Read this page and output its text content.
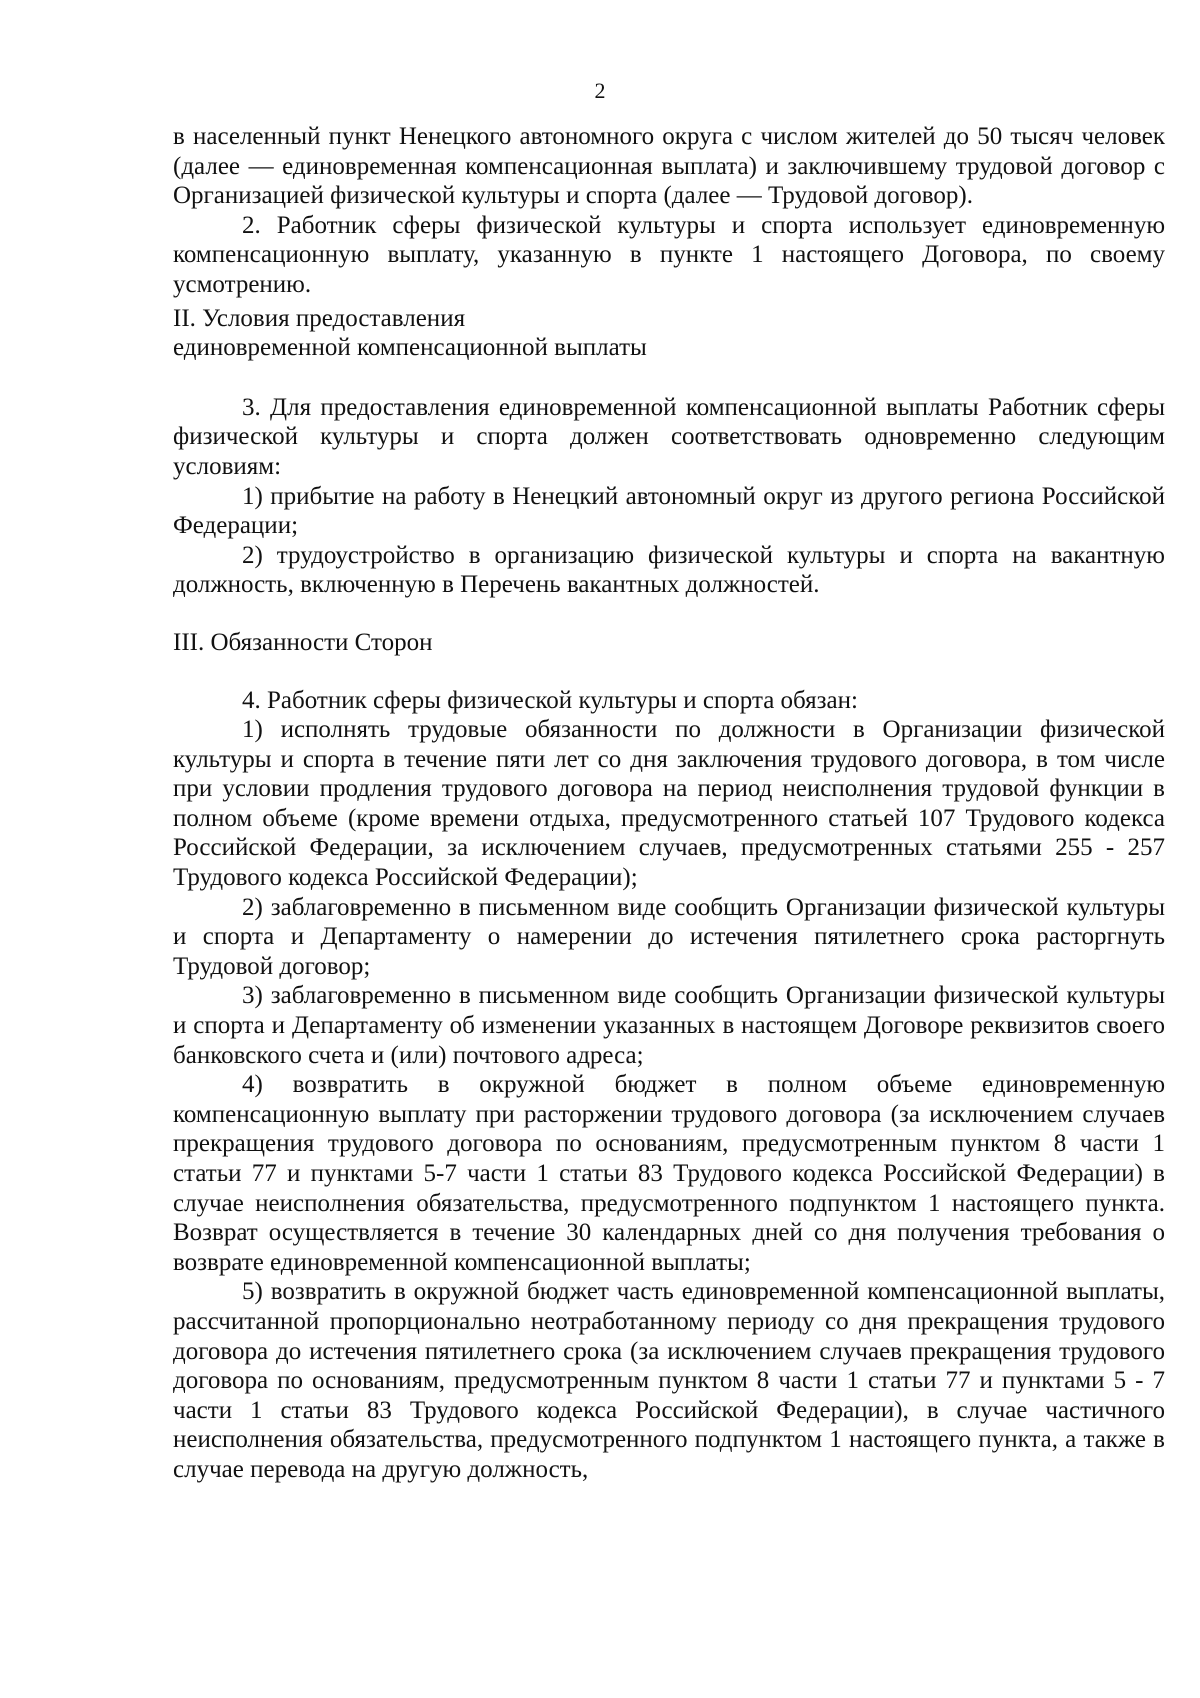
2

в населенный пункт Ненецкого автономного округа с числом жителей до 50 тысяч человек (далее — единовременная компенсационная выплата) и заключившему трудовой договор с Организацией физической культуры и спорта (далее — Трудовой договор).

2. Работник сферы физической культуры и спорта использует единовременную компенсационную выплату, указанную в пункте 1 настоящего Договора, по своему усмотрению.

II. Условия предоставления

единовременной компенсационной выплаты

3. Для предоставления единовременной компенсационной выплаты Работник сферы физической культуры и спорта должен соответствовать одновременно следующим условиям:

1) прибытие на работу в Ненецкий автономный округ из другого региона Российской Федерации;

2) трудоустройство в организацию физической культуры и спорта на вакантную должность, включенную в Перечень вакантных должностей.

III. Обязанности Сторон

4. Работник сферы физической культуры и спорта обязан:

1) исполнять трудовые обязанности по должности в Организации физической культуры и спорта в течение пяти лет со дня заключения трудового договора, в том числе при условии продления трудового договора на период неисполнения трудовой функции в полном объеме (кроме времени отдыха, предусмотренного статьей 107 Трудового кодекса Российской Федерации, за исключением случаев, предусмотренных статьями 255 - 257 Трудового кодекса Российской Федерации);

2) заблаговременно в письменном виде сообщить Организации физической культуры и спорта и Департаменту о намерении до истечения пятилетнего срока расторгнуть Трудовой договор;

3) заблаговременно в письменном виде сообщить Организации физической культуры и спорта и Департаменту об изменении указанных в настоящем Договоре реквизитов своего банковского счета и (или) почтового адреса;

4) возвратить в окружной бюджет в полном объеме единовременную компенсационную выплату при расторжении трудового договора (за исключением случаев прекращения трудового договора по основаниям, предусмотренным пунктом 8 части 1 статьи 77 и пунктами 5-7 части 1 статьи 83 Трудового кодекса Российской Федерации) в случае неисполнения обязательства, предусмотренного подпунктом 1 настоящего пункта. Возврат осуществляется в течение 30 календарных дней со дня получения требования о возврате единовременной компенсационной выплаты;

5) возвратить в окружной бюджет часть единовременной компенсационной выплаты, рассчитанной пропорционально неотработанному периоду со дня прекращения трудового договора до истечения пятилетнего срока (за исключением случаев прекращения трудового договора по основаниям, предусмотренным пунктом 8 части 1 статьи 77 и пунктами 5 - 7 части 1 статьи 83 Трудового кодекса Российской Федерации), в случае частичного неисполнения обязательства, предусмотренного подпунктом 1 настоящего пункта, а также в случае перевода на другую должность,
